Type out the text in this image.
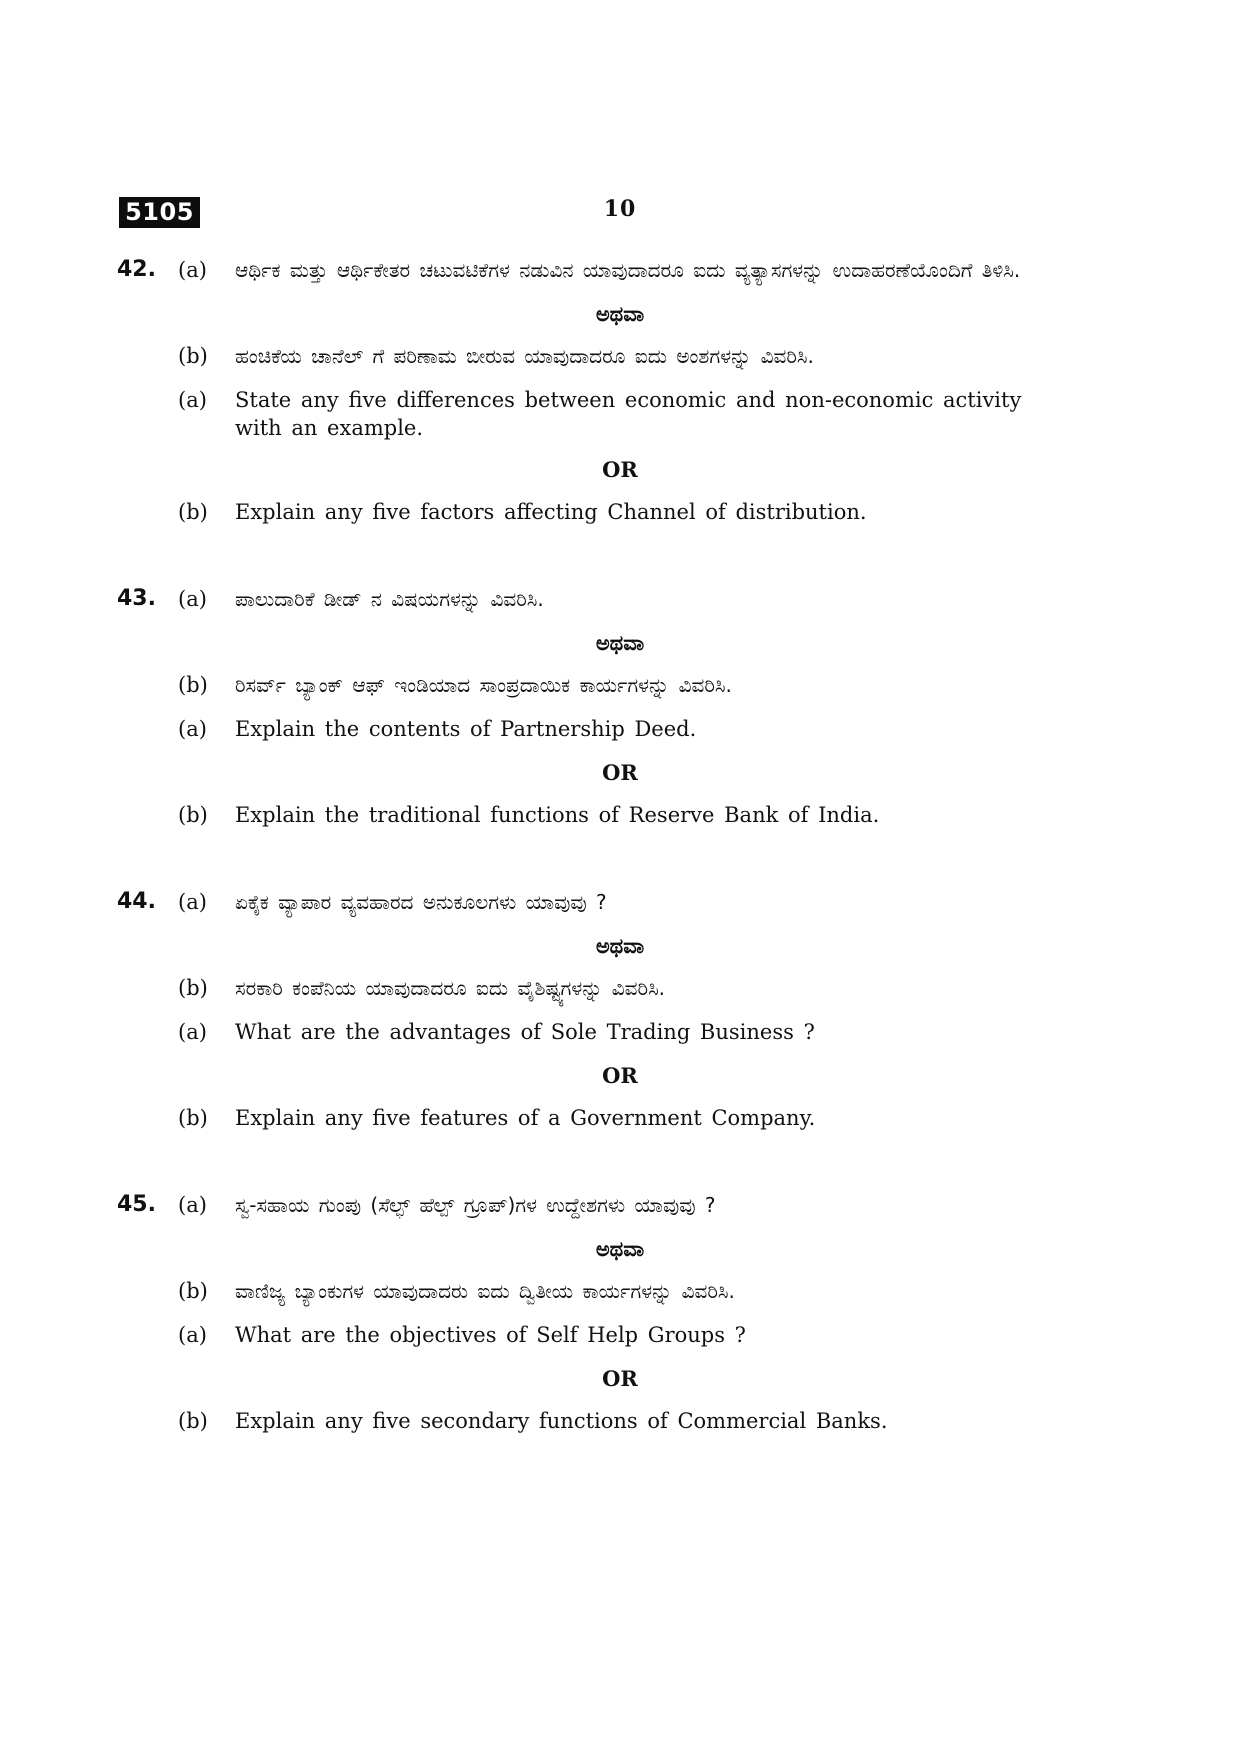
5105	10
42. (a) ಆರ್ಥಿಕ ಮತ್ತು ಆರ್ಥಿಕೇತರ ಚಟುವಟಿಕೆಗಳ ನಡುವಿನ ಯಾವುದಾದರೂ ಐದು ವ್ಯತ್ಯಾಸಗಳನ್ನು ಉದಾಹರಣೆಯೊಂದಿಗೆ ತಿಳಿಸಿ.
ಅಥವಾ
(b) ಹಂಚಿಕೆಯ ಚಾನೆಲ್ ಗೆ ಪರಿಣಾಮ ಬೀರುವ ಯಾವುದಾದರೂ ಐದು ಅಂಶಗಳನ್ನು ವಿವರಿಸಿ.
(a) State any five differences between economic and non-economic activity with an example.
OR
(b) Explain any five factors affecting Channel of distribution.
43. (a) ಪಾಲುದಾರಿಕೆ ಡೀಡ್ ನ ವಿಷಯಗಳನ್ನು ವಿವರಿಸಿ.
ಅಥವಾ
(b) ರಿಸರ್ವ್ ಬ್ಯಾಂಕ್ ಆಫ್ ಇಂಡಿಯಾದ ಸಾಂಪ್ರದಾಯಿಕ ಕಾರ್ಯಗಳನ್ನು ವಿವರಿಸಿ.
(a) Explain the contents of Partnership Deed.
OR
(b) Explain the traditional functions of Reserve Bank of India.
44. (a) ಏಕೈಕ ವ್ಯಾಪಾರ ವ್ಯವಹಾರದ ಅನುಕೂಲಗಳು ಯಾವುವು ?
ಅಥವಾ
(b) ಸರಕಾರಿ ಕಂಪೆನಿಯ ಯಾವುದಾದರೂ ಐದು ವೈಶಿಷ್ಟ್ಯಗಳನ್ನು ವಿವರಿಸಿ.
(a) What are the advantages of Sole Trading Business ?
OR
(b) Explain any five features of a Government Company.
45. (a) ಸ್ವ-ಸಹಾಯ ಗುಂಪು (ಸೆಲ್ಫ್ ಹೆಲ್ಪ್ ಗ್ರೂಪ್)ಗಳ ಉದ್ದೇಶಗಳು ಯಾವುವು ?
ಅಥವಾ
(b) ವಾಣಿಜ್ಯ ಬ್ಯಾಂಕುಗಳ ಯಾವುದಾದರು ಐದು ದ್ವಿತೀಯ ಕಾರ್ಯಗಳನ್ನು ವಿವರಿಸಿ.
(a) What are the objectives of Self Help Groups ?
OR
(b) Explain any five secondary functions of Commercial Banks.
